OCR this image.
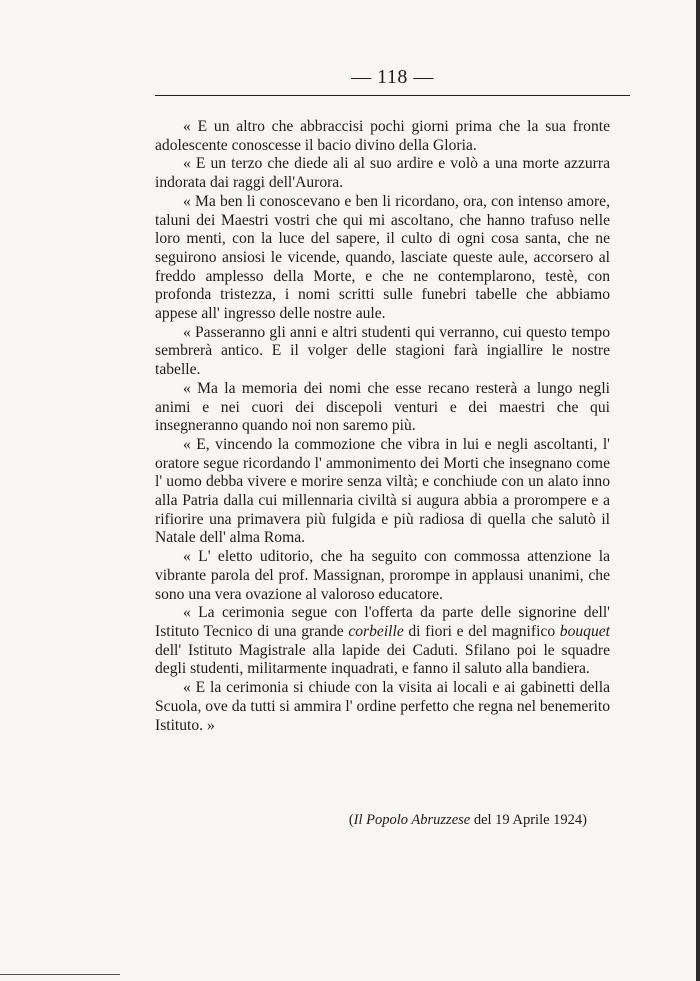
— 118 —

« E un altro che abbraccisi pochi giorni prima che la sua fronte adolescente conoscesse il bacio divino della Gloria.

« E un terzo che diede ali al suo ardire e volò a una morte azzurra indorata dai raggi dell'Aurora.

« Ma ben li conoscevano e ben li ricordano, ora, con intenso amore, taluni dei Maestri vostri che qui mi ascoltano, che hanno trafuso nelle loro menti, con la luce del sapere, il culto di ogni cosa santa, che ne seguirono ansiosi le vicende, quando, lasciate queste aule, accorsero al freddo amplesso della Morte, e che ne contemplarono, testè, con profonda tristezza, i nomi scritti sulle funebri tabelle che abbiamo appese all' ingresso delle nostre aule.

« Passeranno gli anni e altri studenti qui verranno, cui questo tempo sembrerà antico. E il volger delle stagioni farà ingiallire le nostre tabelle.

« Ma la memoria dei nomi che esse recano resterà a lungo negli animi e nei cuori dei discepoli venturi e dei maestri che qui insegneranno quando noi non saremo più.

« E, vincendo la commozione che vibra in lui e negli ascoltanti, l' oratore segue ricordando l' ammonimento dei Morti che insegnano come l' uomo debba vivere e morire senza viltà; e conchiude con un alato inno alla Patria dalla cui millennaria civiltà si augura abbia a prorompere e a rifiorire una primavera più fulgida e più radiosa di quella che salutò il Natale dell' alma Roma.

« L' eletto uditorio, che ha seguito con commossa attenzione la vibrante parola del prof. Massignan, prorompe in applausi unanimi, che sono una vera ovazione al valoroso educatore.

« La cerimonia segue con l'offerta da parte delle signorine dell' Istituto Tecnico di una grande corbeille di fiori e del magnifico bouquet dell' Istituto Magistrale alla lapide dei Caduti. Sfilano poi le squadre degli studenti, militarmente inquadrati, e fanno il saluto alla bandiera.

« E la cerimonia si chiude con la visita ai locali e ai gabinetti della Scuola, ove da tutti si ammira l' ordine perfetto che regna nel benemerito Istituto. »

(Il Popolo Abruzzese del 19 Aprile 1924)
